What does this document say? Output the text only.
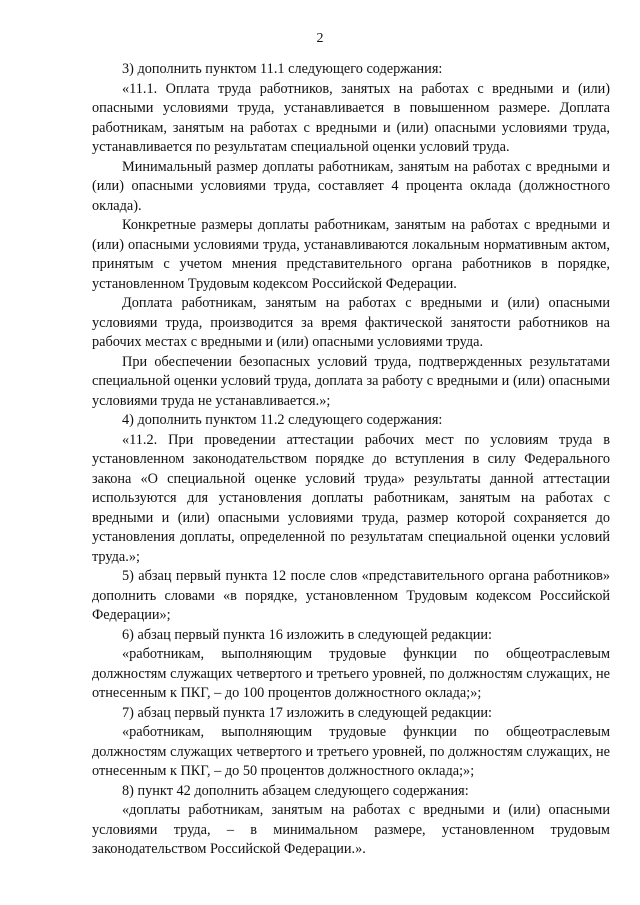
2

3) дополнить пунктом 11.1 следующего содержания:

«11.1. Оплата труда работников, занятых на работах с вредными и (или) опасными условиями труда, устанавливается в повышенном размере. Доплата работникам, занятым на работах с вредными и (или) опасными условиями труда, устанавливается по результатам специальной оценки условий труда.

Минимальный размер доплаты работникам, занятым на работах с вредными и (или) опасными условиями труда, составляет 4 процента оклада (должностного оклада).

Конкретные размеры доплаты работникам, занятым на работах с вредными и (или) опасными условиями труда, устанавливаются локальным нормативным актом, принятым с учетом мнения представительного органа работников в порядке, установленном Трудовым кодексом Российской Федерации.

Доплата работникам, занятым на работах с вредными и (или) опасными условиями труда, производится за время фактической занятости работников на рабочих местах с вредными и (или) опасными условиями труда.

При обеспечении безопасных условий труда, подтвержденных результатами специальной оценки условий труда, доплата за работу с вредными и (или) опасными условиями труда не устанавливается.»;

4) дополнить пунктом 11.2 следующего содержания:

«11.2. При проведении аттестации рабочих мест по условиям труда в установленном законодательством порядке до вступления в силу Федерального закона «О специальной оценке условий труда» результаты данной аттестации используются для установления доплаты работникам, занятым на работах с вредными и (или) опасными условиями труда, размер которой сохраняется до установления доплаты, определенной по результатам специальной оценки условий труда.»;

5) абзац первый пункта 12 после слов «представительного органа работников» дополнить словами «в порядке, установленном Трудовым кодексом Российской Федерации»;

6) абзац первый пункта 16 изложить в следующей редакции:

«работникам, выполняющим трудовые функции по общеотраслевым должностям служащих четвертого и третьего уровней, по должностям служащих, не отнесенным к ПКГ, – до 100 процентов должностного оклада;»;

7) абзац первый пункта 17 изложить в следующей редакции:

«работникам, выполняющим трудовые функции по общеотраслевым должностям служащих четвертого и третьего уровней, по должностям служащих, не отнесенным к ПКГ, – до 50 процентов должностного оклада;»;

8) пункт 42 дополнить абзацем следующего содержания:

«доплаты работникам, занятым на работах с вредными и (или) опасными условиями труда, – в минимальном размере, установленном трудовым законодательством Российской Федерации.».
